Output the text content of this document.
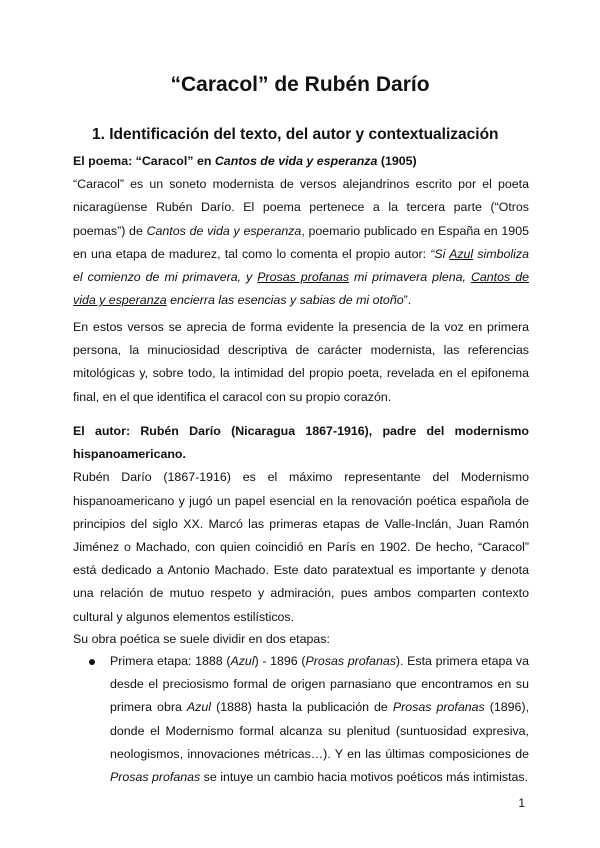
“Caracol” de Rubén Darío
1. Identificación del texto, del autor y contextualización

El poema: “Caracol” en Cantos de vida y esperanza (1905)

“Caracol” es un soneto modernista de versos alejandrinos escrito por el poeta nicaragüense Rubén Darío. El poema pertenece a la tercera parte (“Otros poemas”) de Cantos de vida y esperanza, poemario publicado en España en 1905 en una etapa de madurez, tal como lo comenta el propio autor: “Si Azul simboliza el comienzo de mi primavera, y Prosas profanas mi primavera plena, Cantos de vida y esperanza encierra las esencias y sabias de mi otoño”.

En estos versos se aprecia de forma evidente la presencia de la voz en primera persona, la minuciosidad descriptiva de carácter modernista, las referencias mitológicas y, sobre todo, la intimidad del propio poeta, revelada en el epifonema final, en el que identifica el caracol con su propio corazón.

El autor: Rubén Darío (Nicaragua 1867-1916), padre del modernismo hispanoamericano.

Rubén Darío (1867-1916) es el máximo representante del Modernismo hispanoamericano y jugó un papel esencial en la renovación poética española de principios del siglo XX. Marcó las primeras etapas de Valle-Inclán, Juan Ramón Jiménez o Machado, con quien coincidió en París en 1902. De hecho, “Caracol” está dedicado a Antonio Machado. Este dato paratextual es importante y denota una relación de mutuo respeto y admiración, pues ambos comparten contexto cultural y algunos elementos estilísticos.

Su obra poética se suele dividir en dos etapas:
Primera etapa: 1888 (Azul) - 1896 (Prosas profanas). Esta primera etapa va desde el preciosismo formal de origen parnasiano que encontramos en su primera obra Azul (1888) hasta la publicación de Prosas profanas (1896), donde el Modernismo formal alcanza su plenitud (suntuosidad expresiva, neologismos, innovaciones métricas…). Y en las últimas composiciones de Prosas profanas se intuye un cambio hacia motivos poéticos más intimistas.

1
